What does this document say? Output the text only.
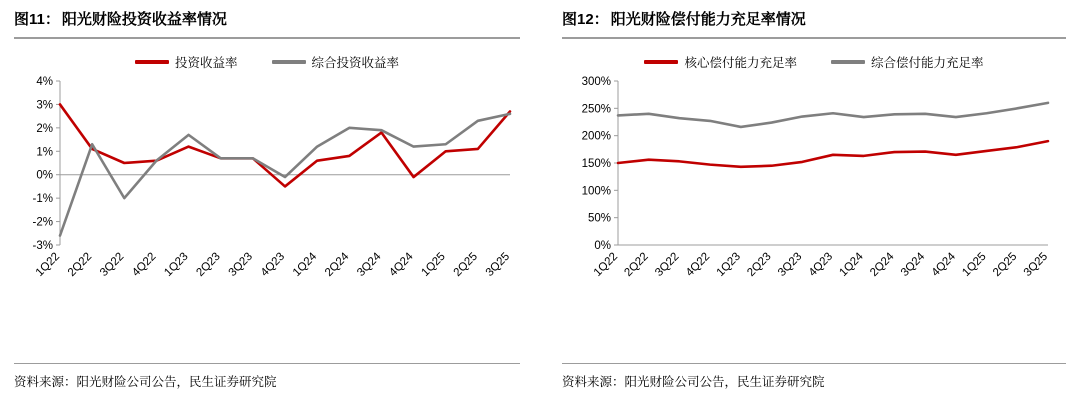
图11： 阳光财险投资收益率情况
投资收益率	综合投资收益率
-3%
-2%
-1%
0%
1%
2%
3%
4%
1Q22 2Q22 3Q22 4Q22 1Q23 2Q23 3Q23 4Q23 1Q24 2Q24 3Q24 4Q24 1Q25 2Q25 3Q25
资料来源：阳光财险公司公告，民生证券研究院
图12： 阳光财险偿付能力充足率情况
核心偿付能力充足率	综合偿付能力充足率
0%
50%
100%
150%
200%
250%
300%
1Q22 2Q22 3Q22 4Q22 1Q23 2Q23 3Q23 4Q23 1Q24 2Q24 3Q24 4Q24 1Q25 2Q25 3Q25
资料来源：阳光财险公司公告，民生证券研究院
